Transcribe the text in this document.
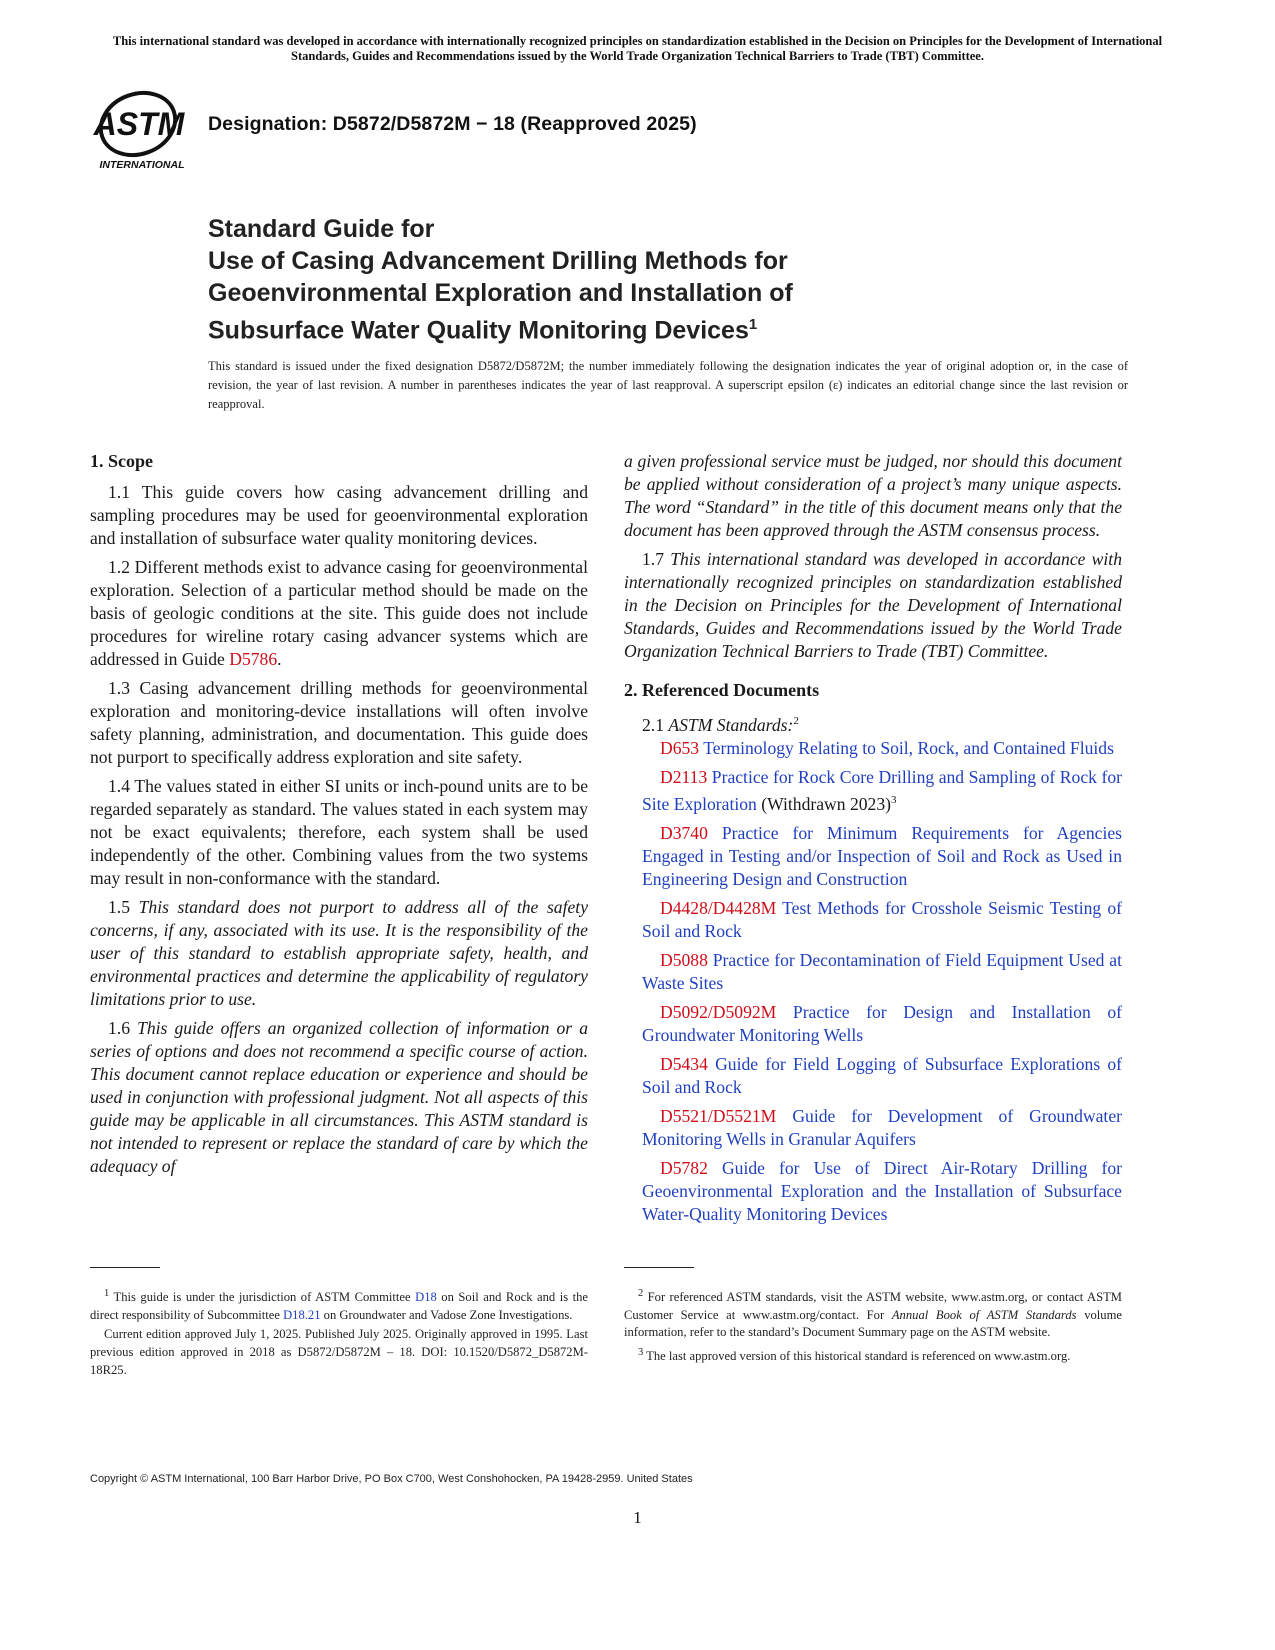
This international standard was developed in accordance with internationally recognized principles on standardization established in the Decision on Principles for the Development of International Standards, Guides and Recommendations issued by the World Trade Organization Technical Barriers to Trade (TBT) Committee.
ASTM
INTERNATIONAL
Designation: D5872/D5872M − 18 (Reapproved 2025)
Standard Guide for
Use of Casing Advancement Drilling Methods for
Geoenvironmental Exploration and Installation of
Subsurface Water Quality Monitoring Devices$^1$
This standard is issued under the fixed designation D5872/D5872M; the number immediately following the designation indicates the year of original adoption or, in the case of revision, the year of last revision. A number in parentheses indicates the year of last reapproval. A superscript epsilon (ε) indicates an editorial change since the last revision or reapproval.
1. Scope

1.1 This guide covers how casing advancement drilling and sampling procedures may be used for geoenvironmental exploration and installation of subsurface water quality monitoring devices.

1.2 Different methods exist to advance casing for geoenvironmental exploration. Selection of a particular method should be made on the basis of geologic conditions at the site. This guide does not include procedures for wireline rotary casing advancer systems which are addressed in Guide D5786.

1.3 Casing advancement drilling methods for geoenvironmental exploration and monitoring-device installations will often involve safety planning, administration, and documentation. This guide does not purport to specifically address exploration and site safety.

1.4 The values stated in either SI units or inch-pound units are to be regarded separately as standard. The values stated in each system may not be exact equivalents; therefore, each system shall be used independently of the other. Combining values from the two systems may result in non-conformance with the standard.

1.5 This standard does not purport to address all of the safety concerns, if any, associated with its use. It is the responsibility of the user of this standard to establish appropriate safety, health, and environmental practices and determine the applicability of regulatory limitations prior to use.

1.6 This guide offers an organized collection of information or a series of options and does not recommend a specific course of action. This document cannot replace education or experience and should be used in conjunction with professional judgment. Not all aspects of this guide may be applicable in all circumstances. This ASTM standard is not intended to represent or replace the standard of care by which the adequacy of

a given professional service must be judged, nor should this document be applied without consideration of a project’s many unique aspects. The word “Standard” in the title of this document means only that the document has been approved through the ASTM consensus process.

1.7 This international standard was developed in accordance with internationally recognized principles on standardization established in the Decision on Principles for the Development of International Standards, Guides and Recommendations issued by the World Trade Organization Technical Barriers to Trade (TBT) Committee.

2. Referenced Documents

2.1 ASTM Standards:$^2$

D653 Terminology Relating to Soil, Rock, and Contained Fluids

D2113 Practice for Rock Core Drilling and Sampling of Rock for Site Exploration (Withdrawn 2023)$^3$

D3740 Practice for Minimum Requirements for Agencies Engaged in Testing and/or Inspection of Soil and Rock as Used in Engineering Design and Construction

D4428/D4428M Test Methods for Crosshole Seismic Testing of Soil and Rock

D5088 Practice for Decontamination of Field Equipment Used at Waste Sites

D5092/D5092M Practice for Design and Installation of Groundwater Monitoring Wells

D5434 Guide for Field Logging of Subsurface Explorations of Soil and Rock

D5521/D5521M Guide for Development of Groundwater Monitoring Wells in Granular Aquifers

D5782 Guide for Use of Direct Air-Rotary Drilling for Geoenvironmental Exploration and the Installation of Subsurface Water-Quality Monitoring Devices

$^1$ This guide is under the jurisdiction of ASTM Committee D18 on Soil and Rock and is the direct responsibility of Subcommittee D18.21 on Groundwater and Vadose Zone Investigations.

Current edition approved July 1, 2025. Published July 2025. Originally approved in 1995. Last previous edition approved in 2018 as D5872/D5872M – 18. DOI: 10.1520/D5872_D5872M-18R25.

$^2$ For referenced ASTM standards, visit the ASTM website, www.astm.org, or contact ASTM Customer Service at www.astm.org/contact. For Annual Book of ASTM Standards volume information, refer to the standard’s Document Summary page on the ASTM website.

$^3$ The last approved version of this historical standard is referenced on www.astm.org.

Copyright © ASTM International, 100 Barr Harbor Drive, PO Box C700, West Conshohocken, PA 19428-2959. United States
1
